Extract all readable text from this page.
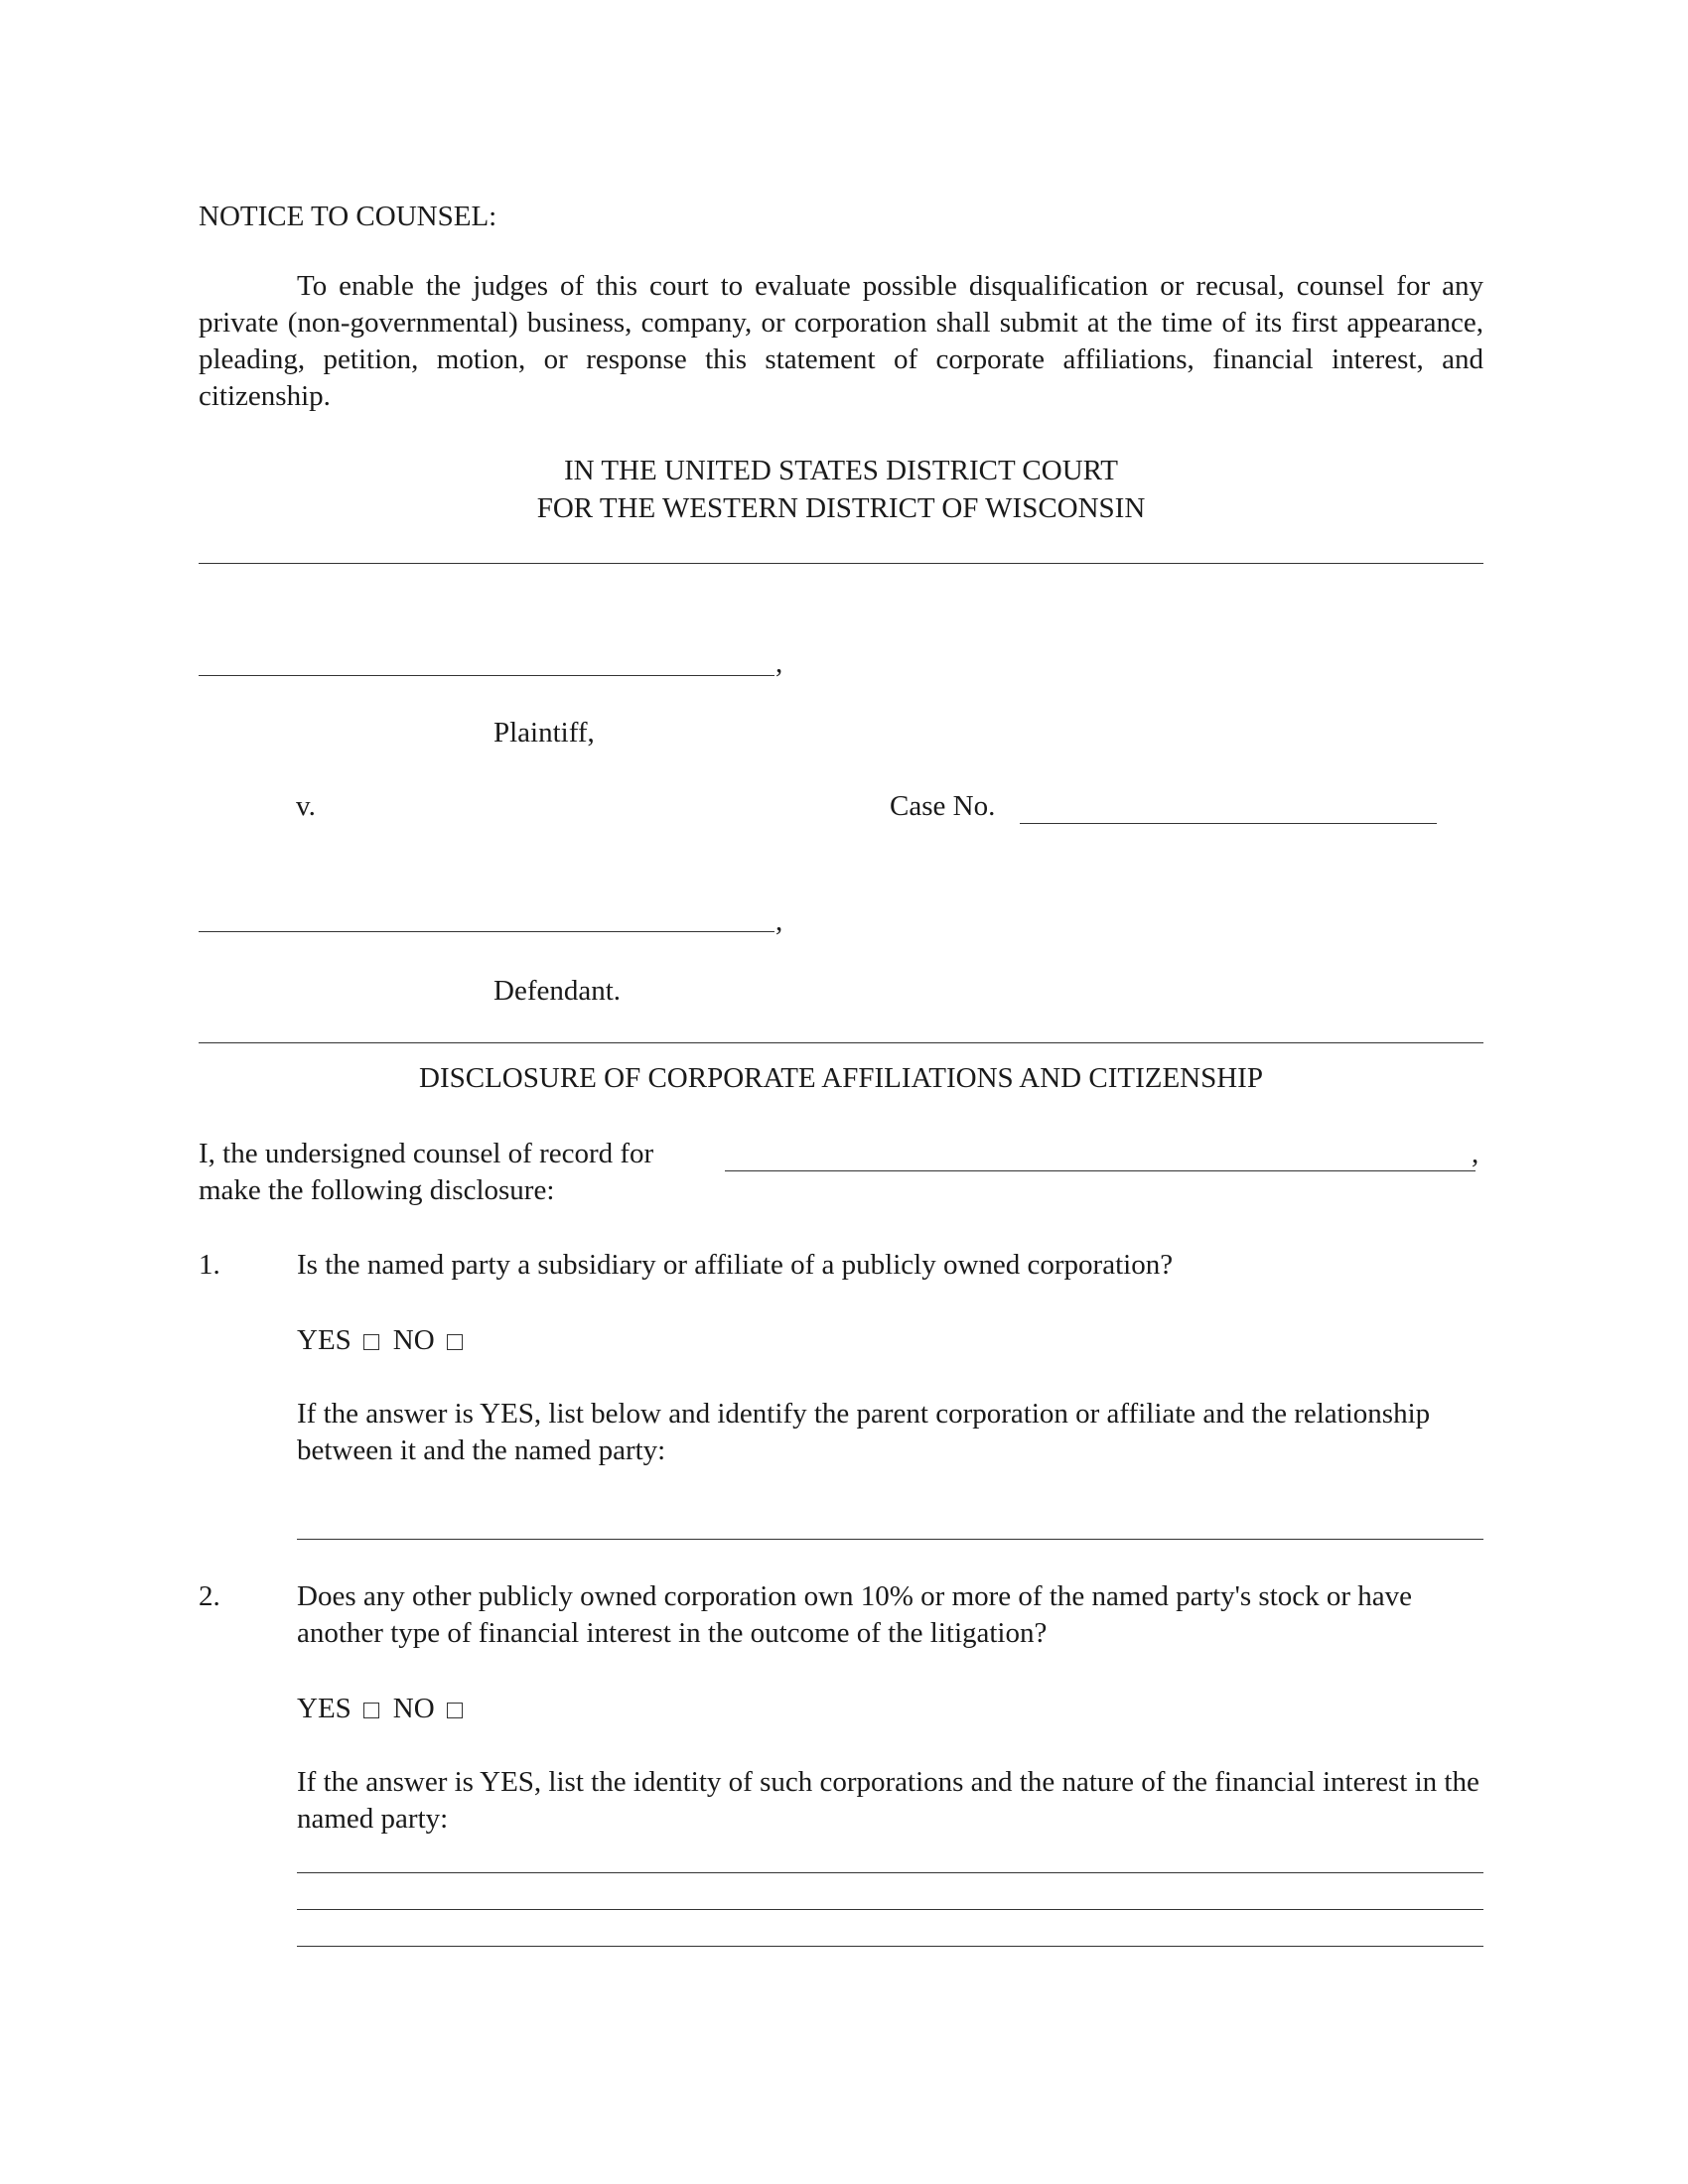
NOTICE TO COUNSEL:
To enable the judges of this court to evaluate possible disqualification or recusal, counsel for any private (non-governmental) business, company, or corporation shall submit at the time of its first appearance, pleading, petition, motion, or response this statement of corporate affiliations, financial interest, and citizenship.
IN THE UNITED STATES DISTRICT COURT
FOR THE WESTERN DISTRICT OF WISCONSIN
,
Plaintiff,
v.	Case No.
,
Defendant.
DISCLOSURE OF CORPORATE AFFILIATIONS AND CITIZENSHIP
I, the undersigned counsel of record for	,
make the following disclosure:
1.	Is the named party a subsidiary or affiliate of a publicly owned corporation?
YES NO
If the answer is YES, list below and identify the parent corporation or affiliate and the relationship between it and the named party:
2.	Does any other publicly owned corporation own 10% or more of the named party's stock or have another type of financial interest in the outcome of the litigation?
YES NO
If the answer is YES, list the identity of such corporations and the nature of the financial interest in the named party:
